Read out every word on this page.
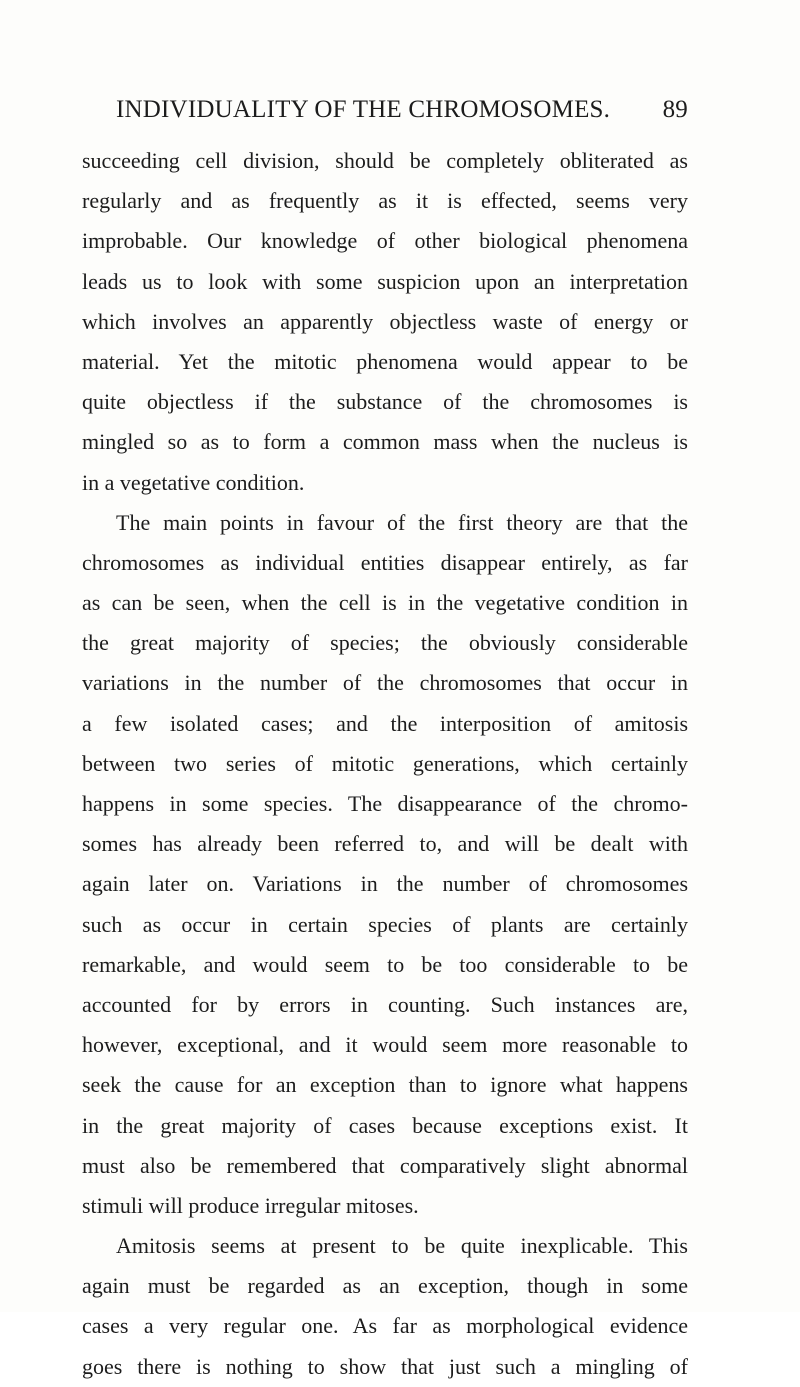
INDIVIDUALITY OF THE CHROMOSOMES. 89
succeeding cell division, should be completely obliterated as
regularly and as frequently as it is effected, seems very
improbable. Our knowledge of other biological phenomena
leads us to look with some suspicion upon an interpretation
which involves an apparently objectless waste of energy or
material. Yet the mitotic phenomena would appear to be
quite objectless if the substance of the chromosomes is
mingled so as to form a common mass when the nucleus is
in a vegetative condition.
The main points in favour of the first theory are that the
chromosomes as individual entities disappear entirely, as far
as can be seen, when the cell is in the vegetative condition in
the great majority of species; the obviously considerable
variations in the number of the chromosomes that occur in
a few isolated cases; and the interposition of amitosis
between two series of mitotic generations, which certainly
happens in some species. The disappearance of the chromo-
somes has already been referred to, and will be dealt with
again later on. Variations in the number of chromosomes
such as occur in certain species of plants are certainly
remarkable, and would seem to be too considerable to be
accounted for by errors in counting. Such instances are,
however, exceptional, and it would seem more reasonable to
seek the cause for an exception than to ignore what happens
in the great majority of cases because exceptions exist. It
must also be remembered that comparatively slight abnormal
stimuli will produce irregular mitoses.
Amitosis seems at present to be quite inexplicable. This
again must be regarded as an exception, though in some
cases a very regular one. As far as morphological evidence
goes there is nothing to show that just such a mingling of
